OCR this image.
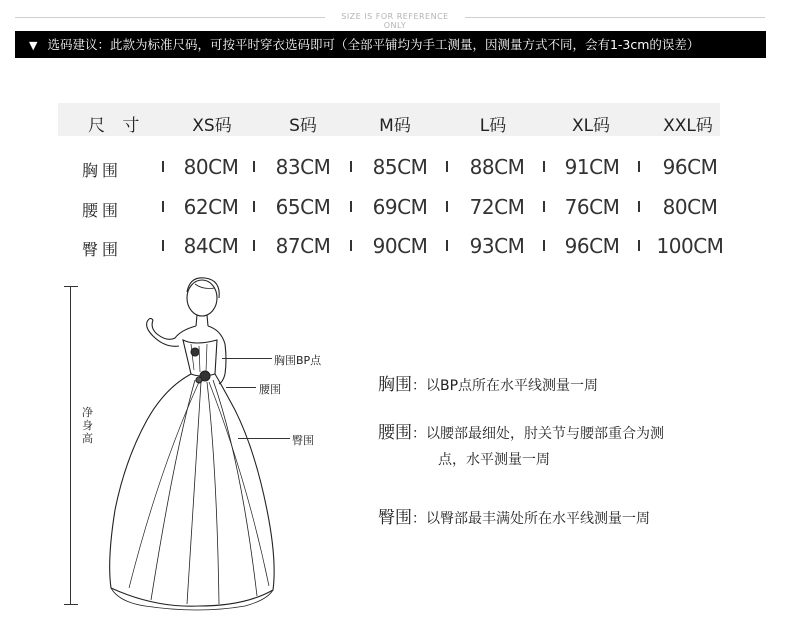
SIZE IS FOR REFERENCE ONLY
▼ 选码建议：此款为标准尺码，可按平时穿衣选码即可（全部平铺均为手工测量，因测量方式不同，会有1-3cm的误差）
尺 寸	XS码	S码	M码	L码	XL码	XXL码
胸围	80CM	83CM	85CM	88CM	91CM	96CM
腰围	62CM	65CM	69CM	72CM	76CM	80CM
臀围	84CM	87CM	90CM	93CM	96CM	100CM
净身高
胸围BP点
腰围
臀围
胸围：以BP点所在水平线测量一周
腰围：以腰部最细处，肘关节与腰部重合为测
点，水平测量一周
臀围：以臀部最丰满处所在水平线测量一周
